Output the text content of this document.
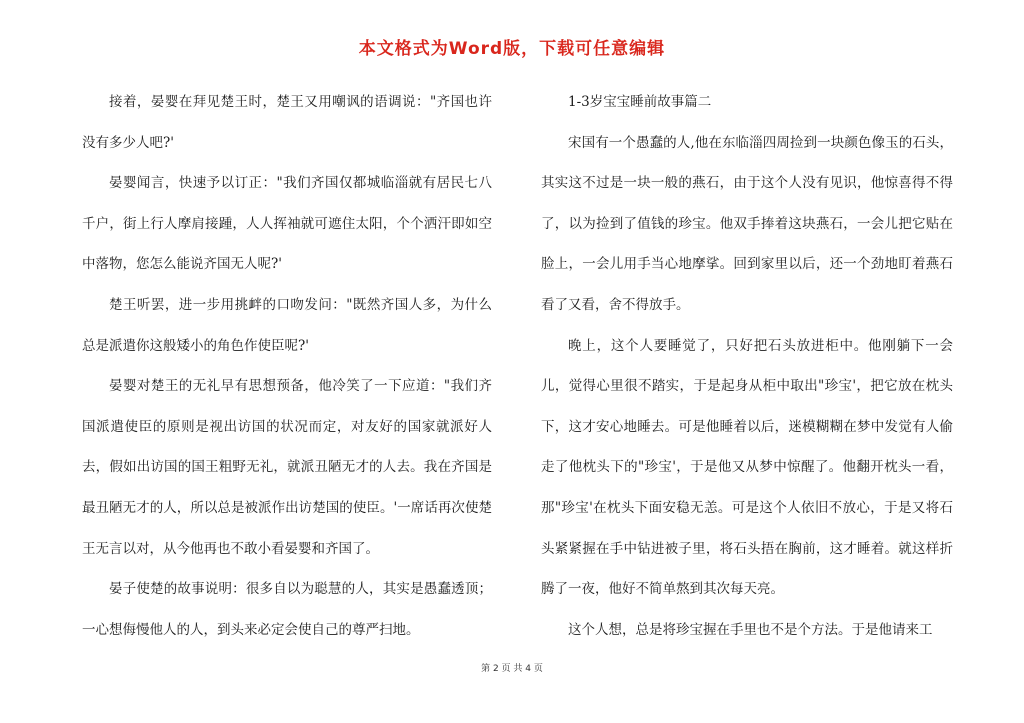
本文格式为Word版，下载可任意编辑

接着，晏婴在拜见楚王时，楚王又用嘲讽的语调说："齐国也许没有多少人吧?'

晏婴闻言，快速予以订正："我们齐国仅都城临淄就有居民七八千户，街上行人摩肩接踵，人人挥袖就可遮住太阳，个个洒汗即如空中落物，您怎么能说齐国无人呢?'

楚王听罢，进一步用挑衅的口吻发问："既然齐国人多，为什么总是派遣你这般矮小的角色作使臣呢?'

晏婴对楚王的无礼早有思想预备，他冷笑了一下应道："我们齐国派遣使臣的原则是视出访国的状况而定，对友好的国家就派好人去，假如出访国的国王粗野无礼，就派丑陋无才的人去。我在齐国是最丑陋无才的人，所以总是被派作出访楚国的使臣。'一席话再次使楚王无言以对，从今他再也不敢小看晏婴和齐国了。

晏子使楚的故事说明：很多自以为聪慧的人，其实是愚蠢透顶；一心想侮慢他人的人，到头来必定会使自己的尊严扫地。

1-3岁宝宝睡前故事篇二

宋国有一个愚蠢的人,他在东临淄四周捡到一块颜色像玉的石头，其实这不过是一块一般的燕石，由于这个人没有见识，他惊喜得不得了，以为捡到了值钱的珍宝。他双手捧着这块燕石，一会儿把它贴在脸上，一会儿用手当心地摩挲。回到家里以后，还一个劲地盯着燕石看了又看，舍不得放手。

晚上，这个人要睡觉了，只好把石头放进柜中。他刚躺下一会儿，觉得心里很不踏实，于是起身从柜中取出"珍宝'，把它放在枕头下，这才安心地睡去。可是他睡着以后，迷模糊糊在梦中发觉有人偷走了他枕头下的"珍宝'，于是他又从梦中惊醒了。他翻开枕头一看，那"珍宝'在枕头下面安稳无恙。可是这个人依旧不放心，于是又将石头紧紧握在手中钻进被子里，将石头捂在胸前，这才睡着。就这样折腾了一夜，他好不简单熬到其次每天亮。

这个人想，总是将珍宝握在手里也不是个方法。于是他请来工

第 2 页 共 4 页
